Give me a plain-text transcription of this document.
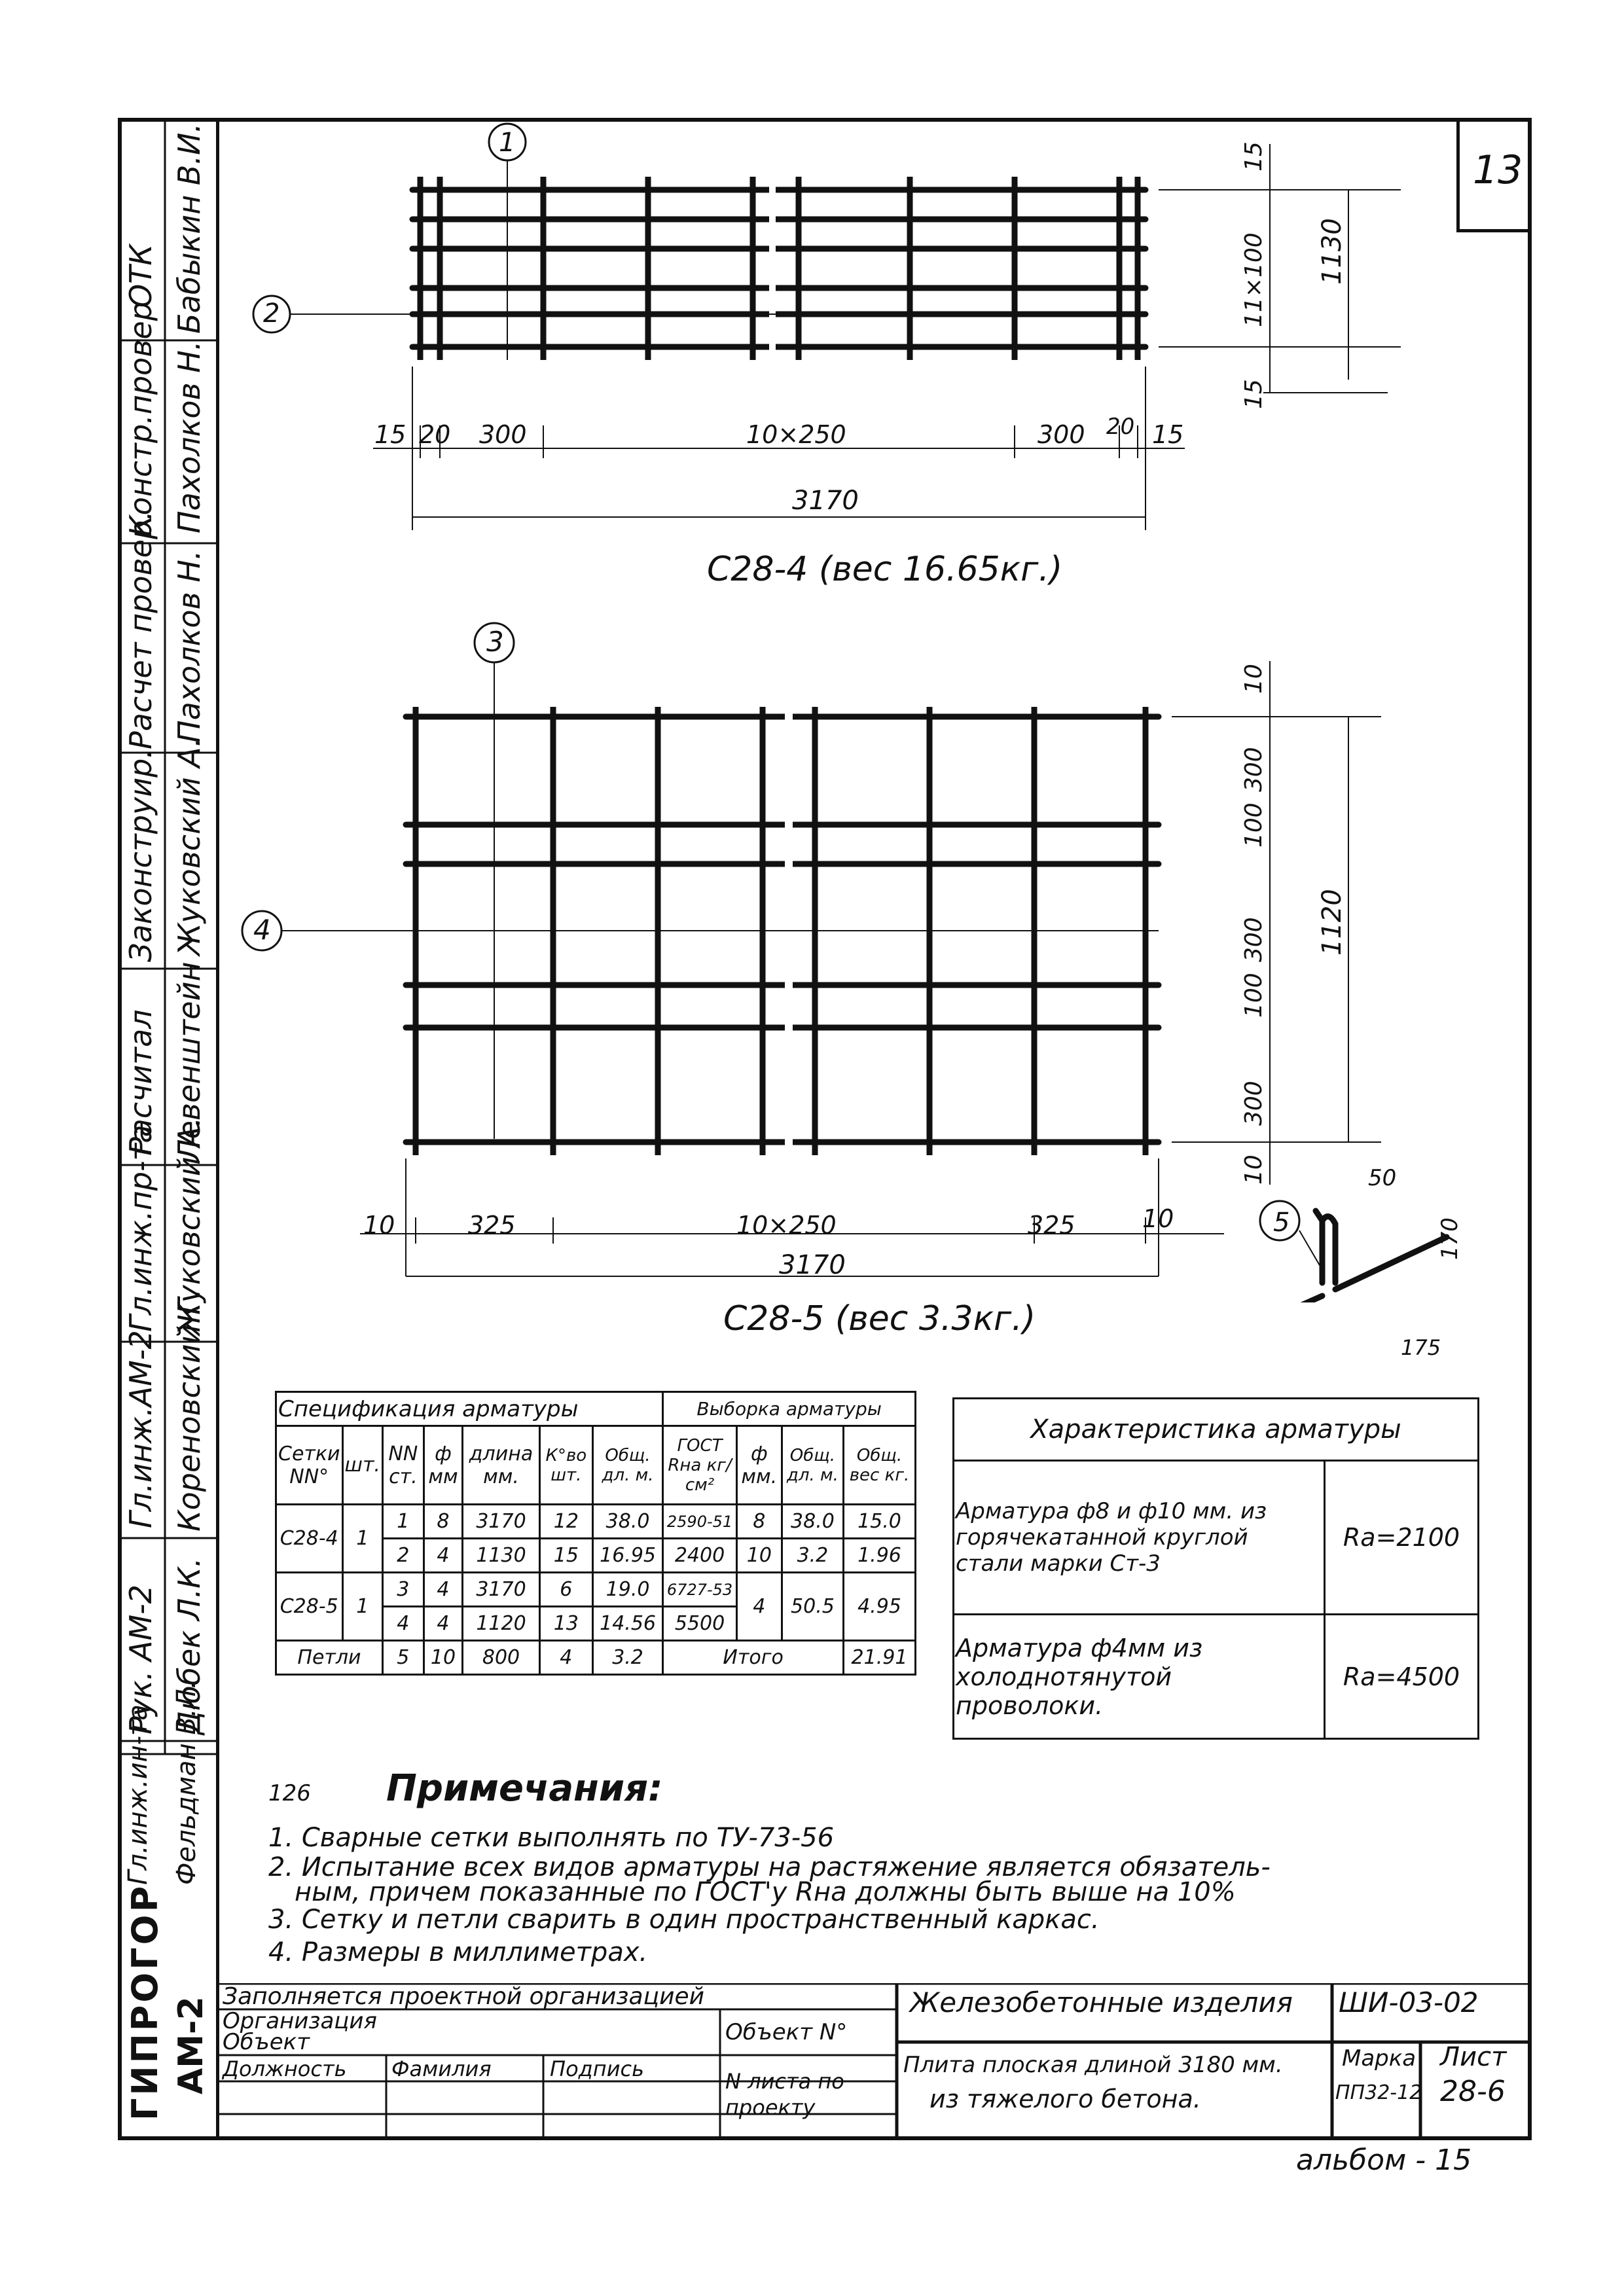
13
ОТК Бабыкин В.И.
Констр.провер Пахолков Н.
Расчет провер. Пахолков Н.
Законструир. Жуковский А.
Расчитал Левенштейн
Гл.инж.пр-та Жуковский А.
Гл.инж.АМ-2 Кореновский Г.
Рук. АМ-2 Дюбек Л.К.
Гл.инж.ин-та Фельдман В.Л.
ГИПРОГОР АМ-2
1
2
15 20 300	10×250	300 20 15
3170
15
11×100
15
1130
С28-4 (вес 16.65кг.)
3
4
10	325	10×250	325	10
3170
10
300
100
300
100
300
10
1120
С28-5 (вес 3.3кг.)
5
50
170
175
Спецификация арматуры							Выборка арматуры			

Сетки
NN°	шт.	NN ст.	ф мм	длина мм.	К°во шт.	Общ. дл. м.	ГОСТ Rна кг/см²	ф мм.	Общ. дл. м.	Общ. вес кг.
С28-4	1	1	8	3170	12	38.0	2590-51	8	38.0	15.0
		2	4	1130	15	16.95	2400	10	3.2	1.96
С28-5	1	3	4	3170	6	19.0	6727-53	4	50.5	4.95
		4	4	1120	13	14.56	5500			
Петли		5	10	800	4	3.2	Итого			21.91
Характеристика арматуры	
Арматура ф8 и ф10 мм. из горячекатанной круглой стали марки Ст-3	Ra=2100
Арматура ф4мм из холоднотянутой проволоки.	Ra=4500
126 Примечания:
1. Сварные сетки выполнять по ТУ-73-56
2. Испытание всех видов арматуры на растяжение является обязатель-
ным, причем показанные по ГОСТ'у Rна должны быть выше на 10%
3. Сетку и петли сварить в один пространственный каркас.
4. Размеры в миллиметрах.
Заполняется проектной организацией
Организация
Объект	Объект N°
Должность Фамилия	Подпись	N листа по проекту
Железобетонные изделия ШИ-03-02
Плита плоская длиной 3180 мм.
из тяжелого бетона.
Марка
ПП32-12
Лист
28-6
альбом - 15
